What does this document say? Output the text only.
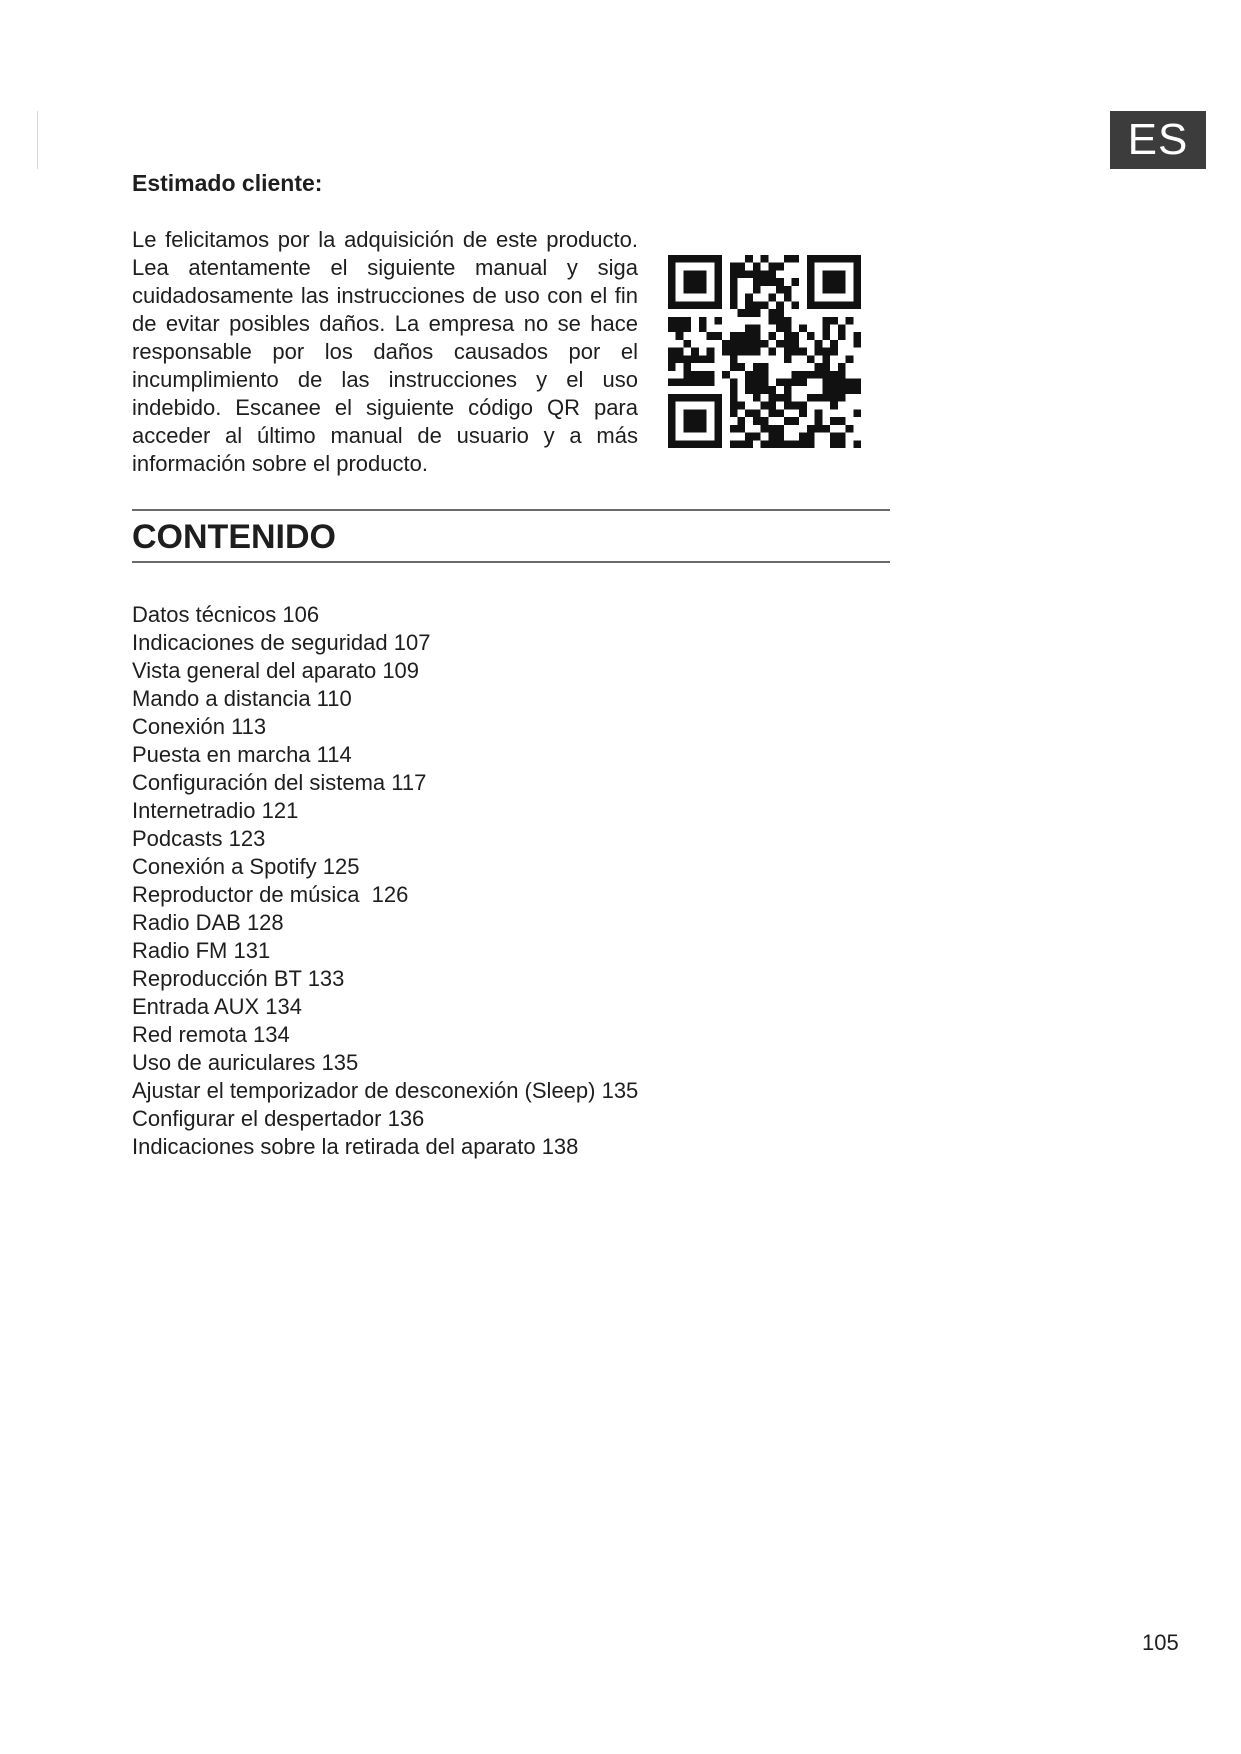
ES
Estimado cliente:

Le felicitamos por la adquisición de este producto. Lea atentamente el siguiente manual y siga cuidadosamente las instrucciones de uso con el fin de evitar posibles daños. La empresa no se hace responsable por los daños causados por el incumplimiento de las instrucciones y el uso indebido. Escanee el siguiente código QR para acceder al último manual de usuario y a más información sobre el producto.

CONTENIDO
Datos técnicos 106
Indicaciones de seguridad 107
Vista general del aparato 109
Mando a distancia 110
Conexión 113
Puesta en marcha 114
Configuración del sistema 117
Internetradio 121
Podcasts 123
Conexión a Spotify 125
Reproductor de música  126
Radio DAB 128
Radio FM 131
Reproducción BT 133
Entrada AUX 134
Red remota 134
Uso de auriculares 135
Ajustar el temporizador de desconexión (Sleep) 135
Configurar el despertador 136
Indicaciones sobre la retirada del aparato 138
105
